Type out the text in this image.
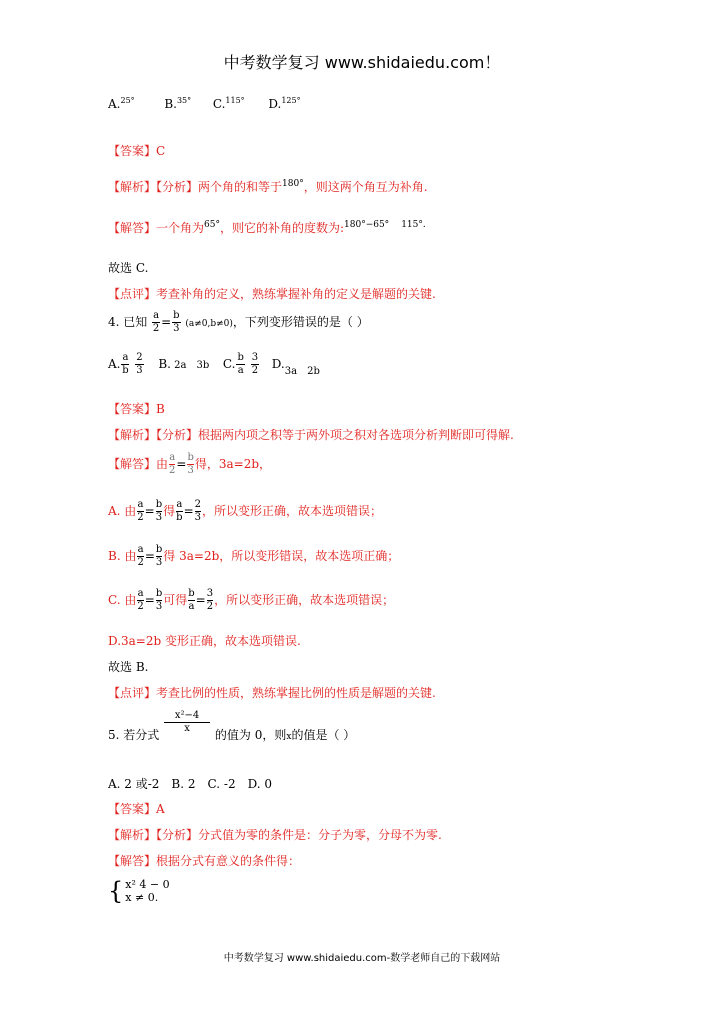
中考数学复习 www.shidaiedu.com！
A.$^{25^\circ}$ B.$^{35^\circ}$ C.$^{115^\circ}$ D.$^{125^\circ}$
【答案】C
【解析】【分析】两个角的和等于$^{180^\circ}$，则这两个角互为补角.
【解答】一个角为$^{65^\circ}$，则它的补角的度数为:$^{180^\circ-65^\circ}$ $^{115^\circ.}$
故选 C.
【点评】考查补角的定义，熟练掌握补角的定义是解题的关键.
4. 已知 $\frac{a}{2} = \frac{b}{3} (a\ne 0,b\ne 0)$，下列变形错误的是（ ）
A. $\frac{a}{b}$
$\frac{2}{3} B$. 2a　3b C. $\frac{b}{a}$
$\frac{3}{2} D._{3a 2b}$
【答案】B
【解析】【分析】根据两内项之积等于两外项之积对各选项分析判断即可得解.
【解答】由 $\frac{a}{2} = \frac{b}{3}$ 得，3a=2b，
A. 由 $\frac{a}{2} = \frac{b}{3}$ 得 $\frac{a}{b} = \frac{2}{3}$ ，所以变形正确，故本选项错误；
B. 由 $\frac{a}{2} = \frac{b}{3}$ 得 3a=2b，所以变形错误，故本选项正确；
C. 由 $\frac{a}{2} = \frac{b}{3}$ 可得 $\frac{b}{a} = \frac{3}{2}$ ，所以变形正确，故本选项错误；
D.3a=2b 变形正确，故本选项错误.
故选 B.
【点评】考查比例的性质，熟练掌握比例的性质是解题的关键.
5. 若分式 $\frac{\text{x²−4}}{x}$ 的值为 0，则x的值是（ ）
A. 2 或-2　B. 2　C. -2　D. 0
【答案】A
【解析】【分析】分式值为零的条件是：分子为零，分母不为零.
【解答】根据分式有意义的条件得：
{ x² 4 − 0
x ≠ 0.
中考数学复习 www.shidaiedu.com-数学老师自己的下载网站
